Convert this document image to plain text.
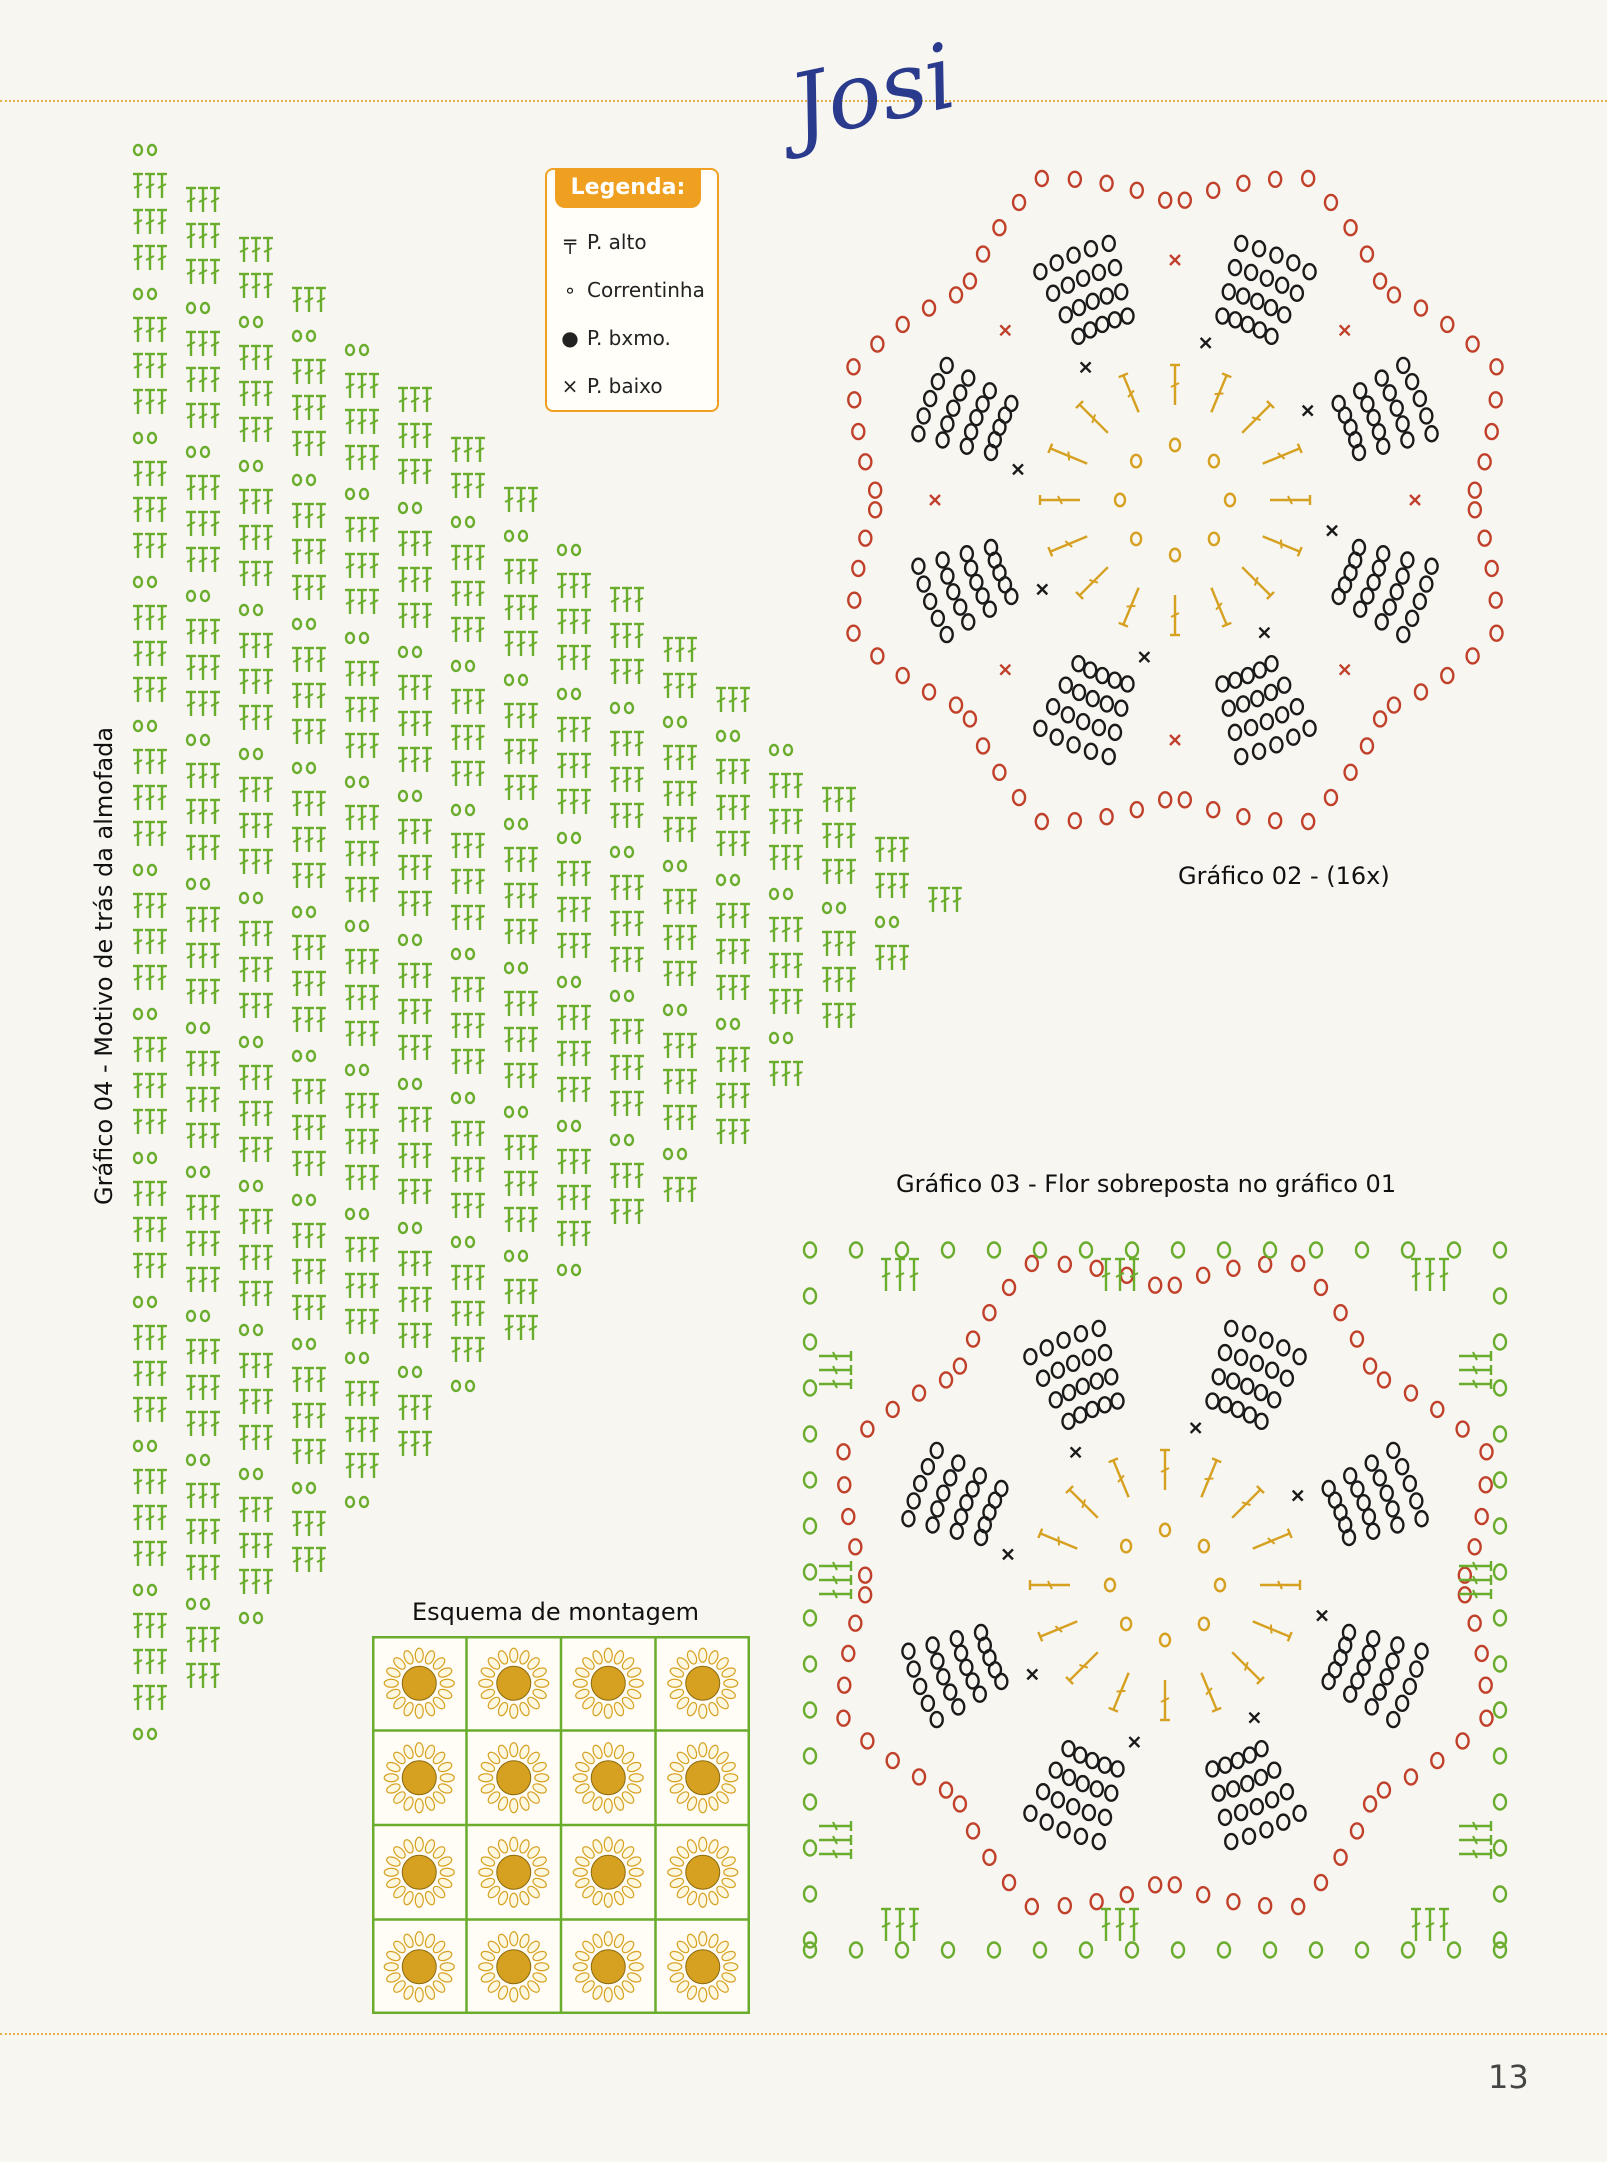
Josi
Legenda:
╤ P. alto
∘ Correntinha
● P. bxmo.
× P. baixo
Gráfico 04 - Motivo de trás da almofada	Gráfico 02 - (16x)
Gráfico 03 - Flor sobreposta no gráfico 01
Esquema de montagem
13
